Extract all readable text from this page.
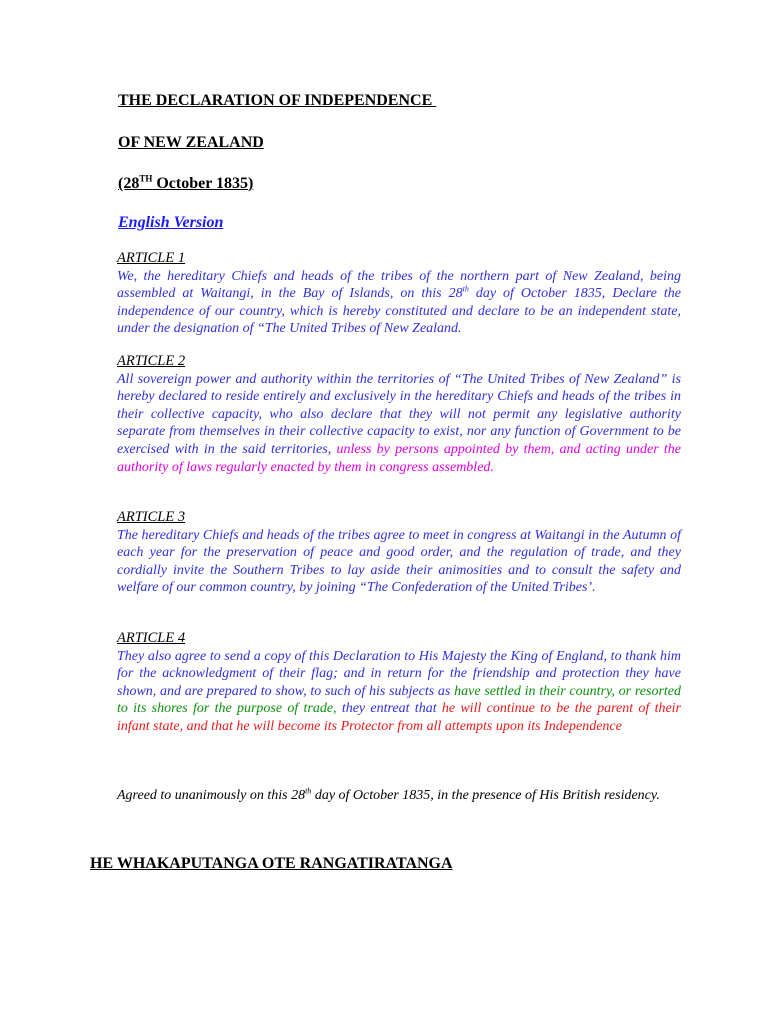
THE DECLARATION OF INDEPENDENCE
OF NEW ZEALAND
(28TH October 1835)
English Version
ARTICLE 1
We, the hereditary Chiefs and heads of the tribes of the northern part of New Zealand, being assembled at Waitangi, in the Bay of Islands, on this 28th day of October 1835, Declare the independence of our country, which is hereby constituted and declare to be an independent state, under the designation of “The United Tribes of New Zealand.
ARTICLE 2
All sovereign power and authority within the territories of “The United Tribes of New Zealand” is hereby declared to reside entirely and exclusively in the hereditary Chiefs and heads of the tribes in their collective capacity, who also declare that they will not permit any legislative authority separate from themselves in their collective capacity to exist, nor any function of Government to be exercised with in the said territories, unless by persons appointed by them, and acting under the authority of laws regularly enacted by them in congress assembled.
ARTICLE 3
The hereditary Chiefs and heads of the tribes agree to meet in congress at Waitangi in the Autumn of each year for the preservation of peace and good order, and the regulation of trade, and they cordially invite the Southern Tribes to lay aside their animosities and to consult the safety and welfare of our common country, by joining “The Confederation of the United Tribes’.
ARTICLE 4
They also agree to send a copy of this Declaration to His Majesty the King of England, to thank him for the acknowledgment of their flag; and in return for the friendship and protection they have shown, and are prepared to show, to such of his subjects as have settled in their country, or resorted to its shores for the purpose of trade, they entreat that he will continue to be the parent of their infant state, and that he will become its Protector from all attempts upon its Independence
Agreed to unanimously on this 28th day of October 1835, in the presence of His British residency.
HE WHAKAPUTANGA OTE RANGATIRATANGA
